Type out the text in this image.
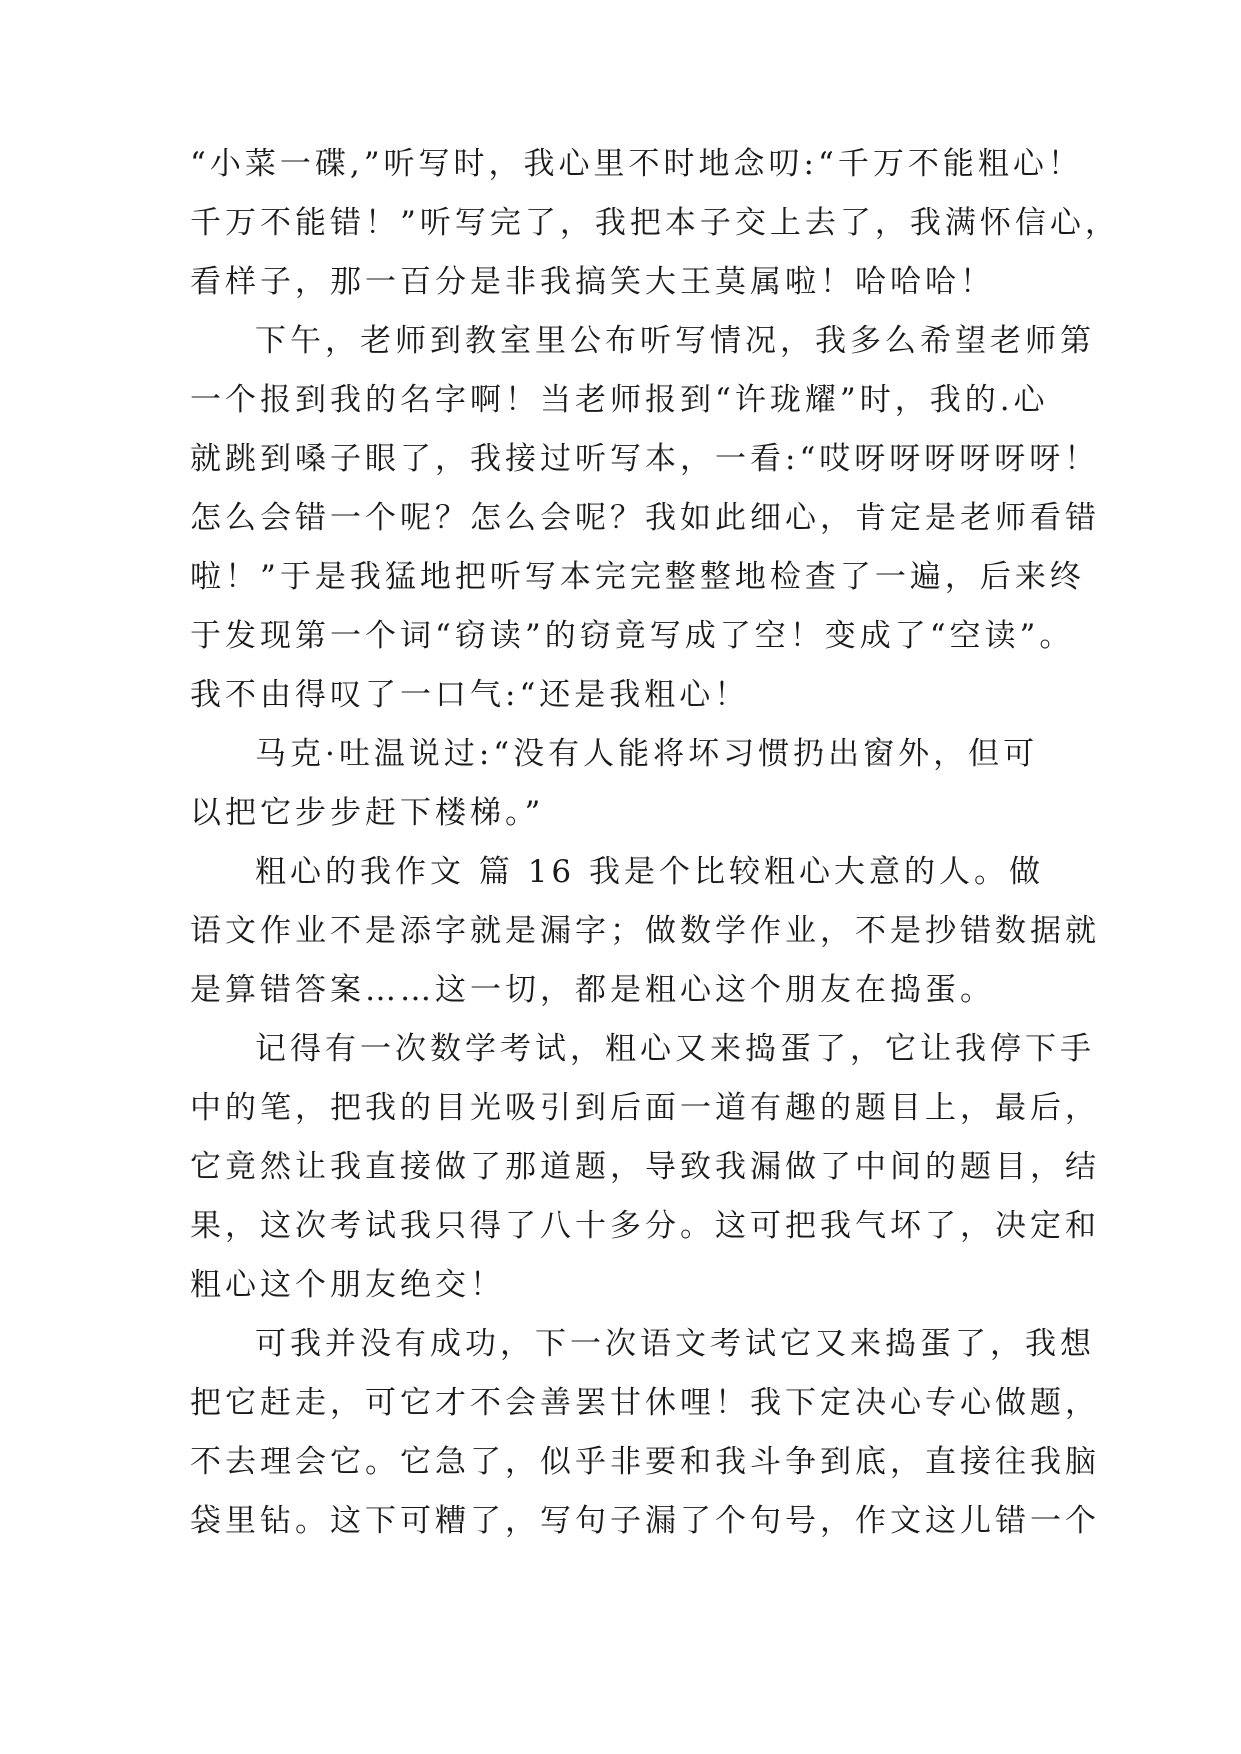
“小菜一碟,”听写时，我心里不时地念叨:“千万不能粗心！
千万不能错！”听写完了，我把本子交上去了，我满怀信心，
看样子，那一百分是非我搞笑大王莫属啦！哈哈哈！
下午，老师到教室里公布听写情况，我多么希望老师第
一个报到我的名字啊！当老师报到“许珑耀”时，我的.心
就跳到嗓子眼了，我接过听写本，一看:“哎呀呀呀呀呀呀！
怎么会错一个呢？怎么会呢？我如此细心，肯定是老师看错
啦！”于是我猛地把听写本完完整整地检查了一遍，后来终
于发现第一个词“窃读”的窃竟写成了空！变成了“空读”。
我不由得叹了一口气:“还是我粗心！
马克·吐温说过:“没有人能将坏习惯扔出窗外，但可
以把它步步赶下楼梯。”
粗心的我作文 篇 16 我是个比较粗心大意的人。做
语文作业不是添字就是漏字；做数学作业，不是抄错数据就
是算错答案……这一切，都是粗心这个朋友在捣蛋。
记得有一次数学考试，粗心又来捣蛋了，它让我停下手
中的笔，把我的目光吸引到后面一道有趣的题目上，最后，
它竟然让我直接做了那道题，导致我漏做了中间的题目，结
果，这次考试我只得了八十多分。这可把我气坏了，决定和
粗心这个朋友绝交！
可我并没有成功，下一次语文考试它又来捣蛋了，我想
把它赶走，可它才不会善罢甘休哩！我下定决心专心做题，
不去理会它。它急了，似乎非要和我斗争到底，直接往我脑
袋里钻。这下可糟了，写句子漏了个句号，作文这儿错一个
